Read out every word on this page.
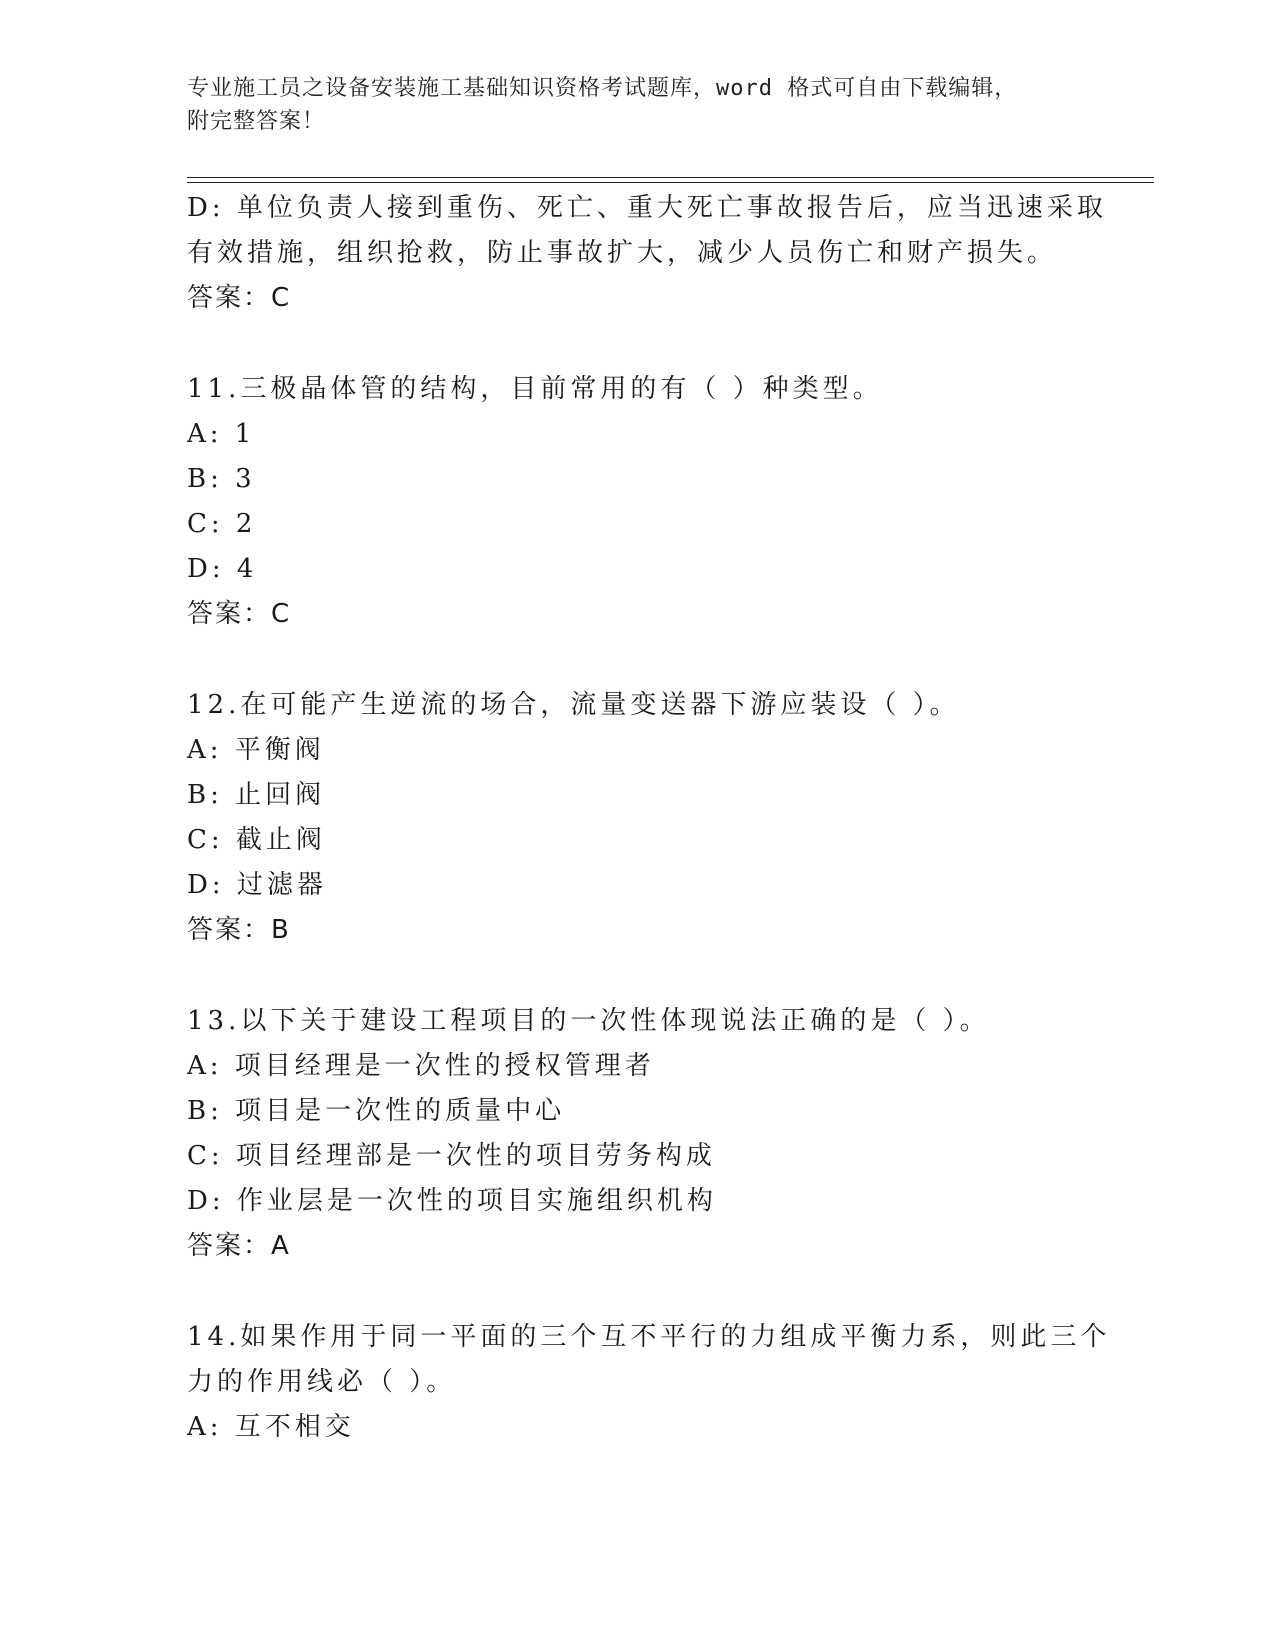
专业施工员之设备安装施工基础知识资格考试题库，word 格式可自由下载编辑，
附完整答案！
D: 单位负责人接到重伤、死亡、重大死亡事故报告后，应当迅速采取
有效措施，组织抢救，防止事故扩大，减少人员伤亡和财产损失。
答案：C
11.三极晶体管的结构，目前常用的有（ ）种类型。
A: 1
B: 3
C: 2
D: 4
答案：C
12.在可能产生逆流的场合，流量变送器下游应装设（ ）。
A: 平衡阀
B: 止回阀
C: 截止阀
D: 过滤器
答案：B
13.以下关于建设工程项目的一次性体现说法正确的是（ ）。
A: 项目经理是一次性的授权管理者
B: 项目是一次性的质量中心
C: 项目经理部是一次性的项目劳务构成
D: 作业层是一次性的项目实施组织机构
答案：A
14.如果作用于同一平面的三个互不平行的力组成平衡力系，则此三个
力的作用线必（ ）。
A: 互不相交
